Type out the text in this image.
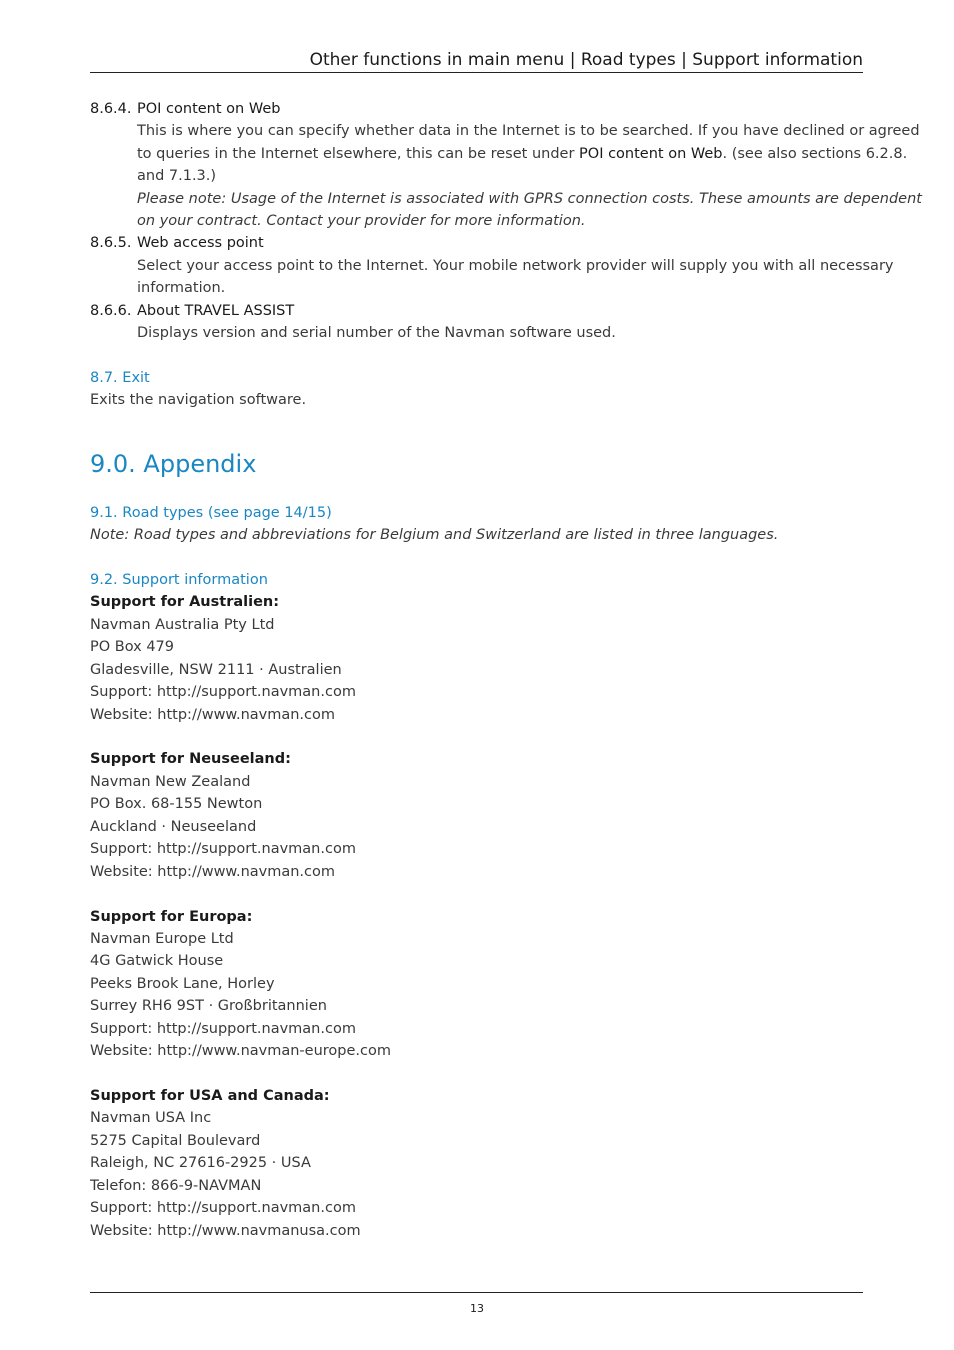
Other functions in main menu | Road types | Support information
8.6.4. POI content on Web
This is where you can specify whether data in the Internet is to be searched. If you have declined or agreed
to queries in the Internet elsewhere, this can be reset under POI content on Web. (see also sections 6.2.8.
and 7.1.3.)
Please note: Usage of the Internet is associated with GPRS connection costs. These amounts are dependent
on your contract. Contact your provider for more information.
8.6.5. Web access point
Select your access point to the Internet. Your mobile network provider will supply you with all necessary
information.
8.6.6. About TRAVEL ASSIST
Displays version and serial number of the Navman software used.
8.7. Exit
Exits the navigation software.
9.0. Appendix
9.1. Road types (see page 14/15)
Note: Road types and abbreviations for Belgium and Switzerland are listed in three languages.
9.2. Support information
Support for Australien:
Navman Australia Pty Ltd
PO Box 479
Gladesville, NSW 2111 · Australien
Support: http://support.navman.com
Website: http://www.navman.com
Support for Neuseeland:
Navman New Zealand
PO Box. 68-155 Newton
Auckland · Neuseeland
Support: http://support.navman.com
Website: http://www.navman.com
Support for Europa:
Navman Europe Ltd
4G Gatwick House
Peeks Brook Lane, Horley
Surrey RH6 9ST · Großbritannien
Support: http://support.navman.com
Website: http://www.navman-europe.com
Support for USA and Canada:
Navman USA Inc
5275 Capital Boulevard
Raleigh, NC 27616-2925 · USA
Telefon: 866-9-NAVMAN
Support: http://support.navman.com
Website: http://www.navmanusa.com
13
